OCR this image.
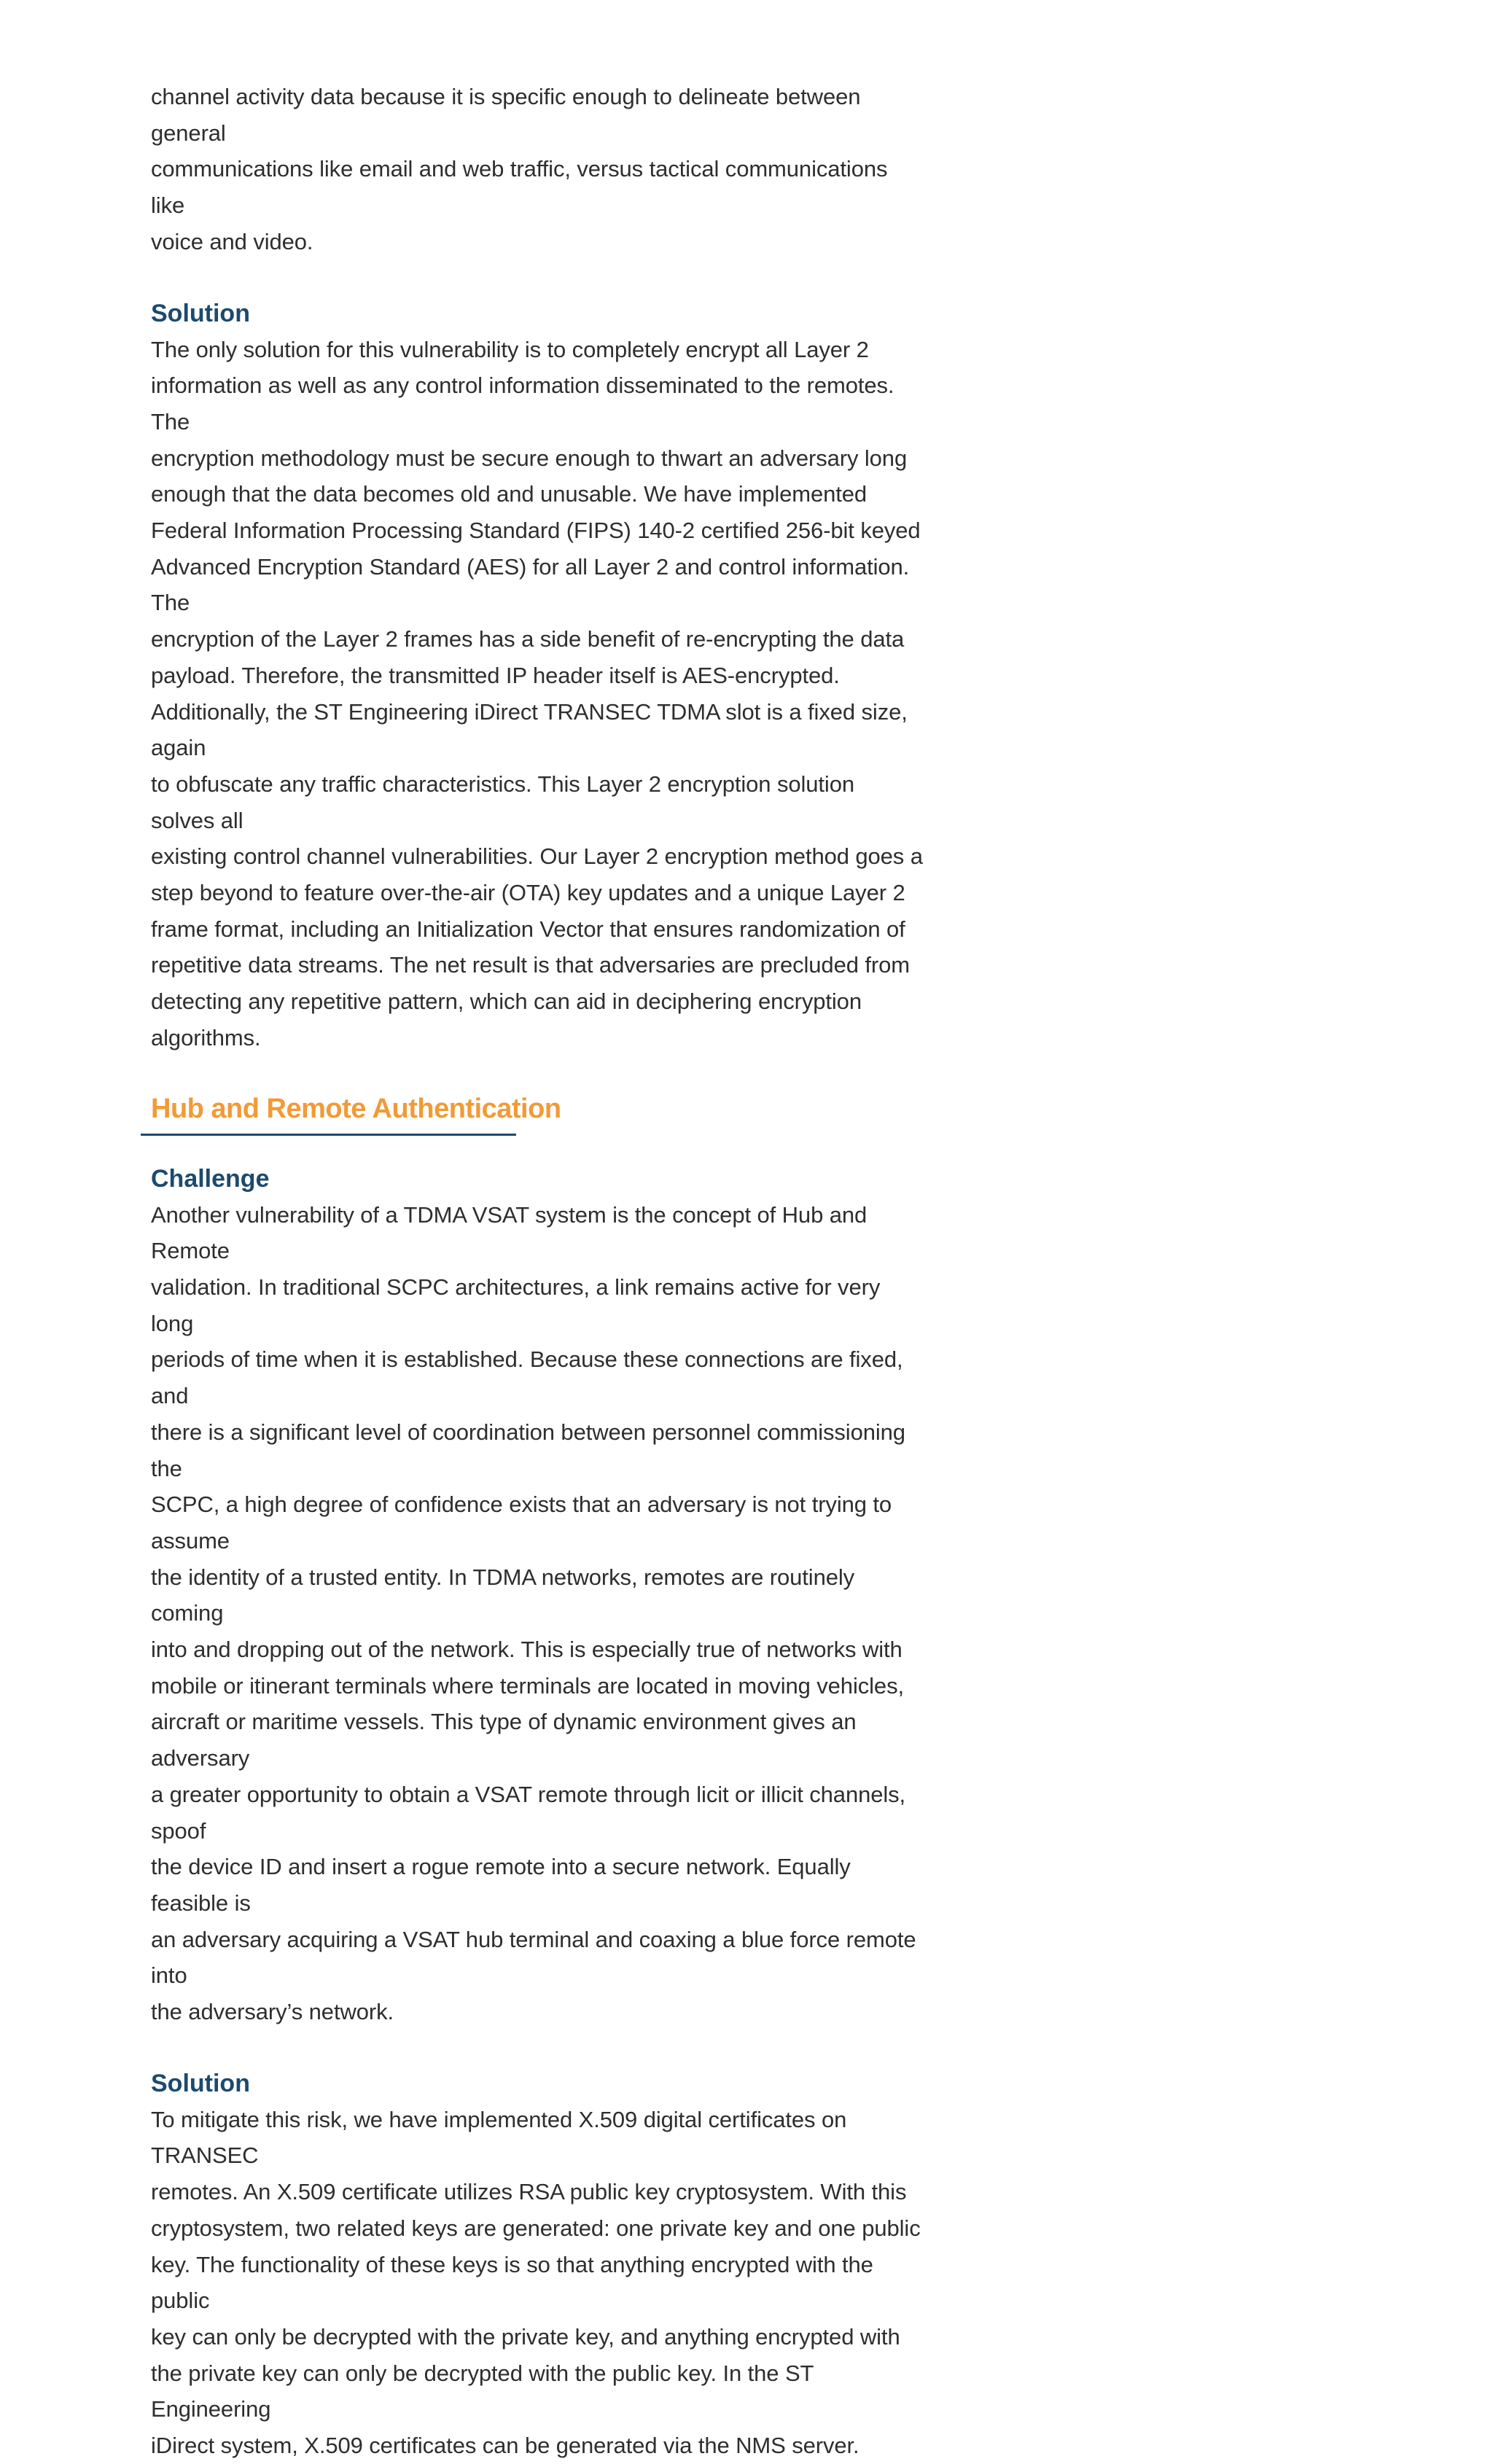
channel activity data because it is specific enough to delineate between general
communications like email and web traffic, versus tactical communications like
voice and video.

Solution

The only solution for this vulnerability is to completely encrypt all Layer 2
information as well as any control information disseminated to the remotes. The
encryption methodology must be secure enough to thwart an adversary long
enough that the data becomes old and unusable. We have implemented
Federal Information Processing Standard (FIPS) 140-2 certified 256-bit keyed
Advanced Encryption Standard (AES) for all Layer 2 and control information. The
encryption of the Layer 2 frames has a side benefit of re-encrypting the data
payload. Therefore, the transmitted IP header itself is AES-encrypted.
Additionally, the ST Engineering iDirect TRANSEC TDMA slot is a fixed size, again
to obfuscate any traffic characteristics. This Layer 2 encryption solution solves all
existing control channel vulnerabilities. Our Layer 2 encryption method goes a
step beyond to feature over-the-air (OTA) key updates and a unique Layer 2
frame format, including an Initialization Vector that ensures randomization of
repetitive data streams. The net result is that adversaries are precluded from
detecting any repetitive pattern, which can aid in deciphering encryption
algorithms.

Hub and Remote Authentication
Challenge

Another vulnerability of a TDMA VSAT system is the concept of Hub and Remote
validation. In traditional SCPC architectures, a link remains active for very long
periods of time when it is established. Because these connections are fixed, and
there is a significant level of coordination between personnel commissioning the
SCPC, a high degree of confidence exists that an adversary is not trying to assume
the identity of a trusted entity. In TDMA networks, remotes are routinely coming
into and dropping out of the network. This is especially true of networks with
mobile or itinerant terminals where terminals are located in moving vehicles,
aircraft or maritime vessels. This type of dynamic environment gives an adversary
a greater opportunity to obtain a VSAT remote through licit or illicit channels, spoof
the device ID and insert a rogue remote into a secure network. Equally feasible is
an adversary acquiring a VSAT hub terminal and coaxing a blue force remote into
the adversary’s network.

Solution

To mitigate this risk, we have implemented X.509 digital certificates on TRANSEC
remotes. An X.509 certificate utilizes RSA public key cryptosystem. With this
cryptosystem, two related keys are generated: one private key and one public
key. The functionality of these keys is so that anything encrypted with the public
key can only be decrypted with the private key, and anything encrypted with
the private key can only be decrypted with the public key. In the ST Engineering
iDirect system, X.509 certificates can be generated via the NMS server.
